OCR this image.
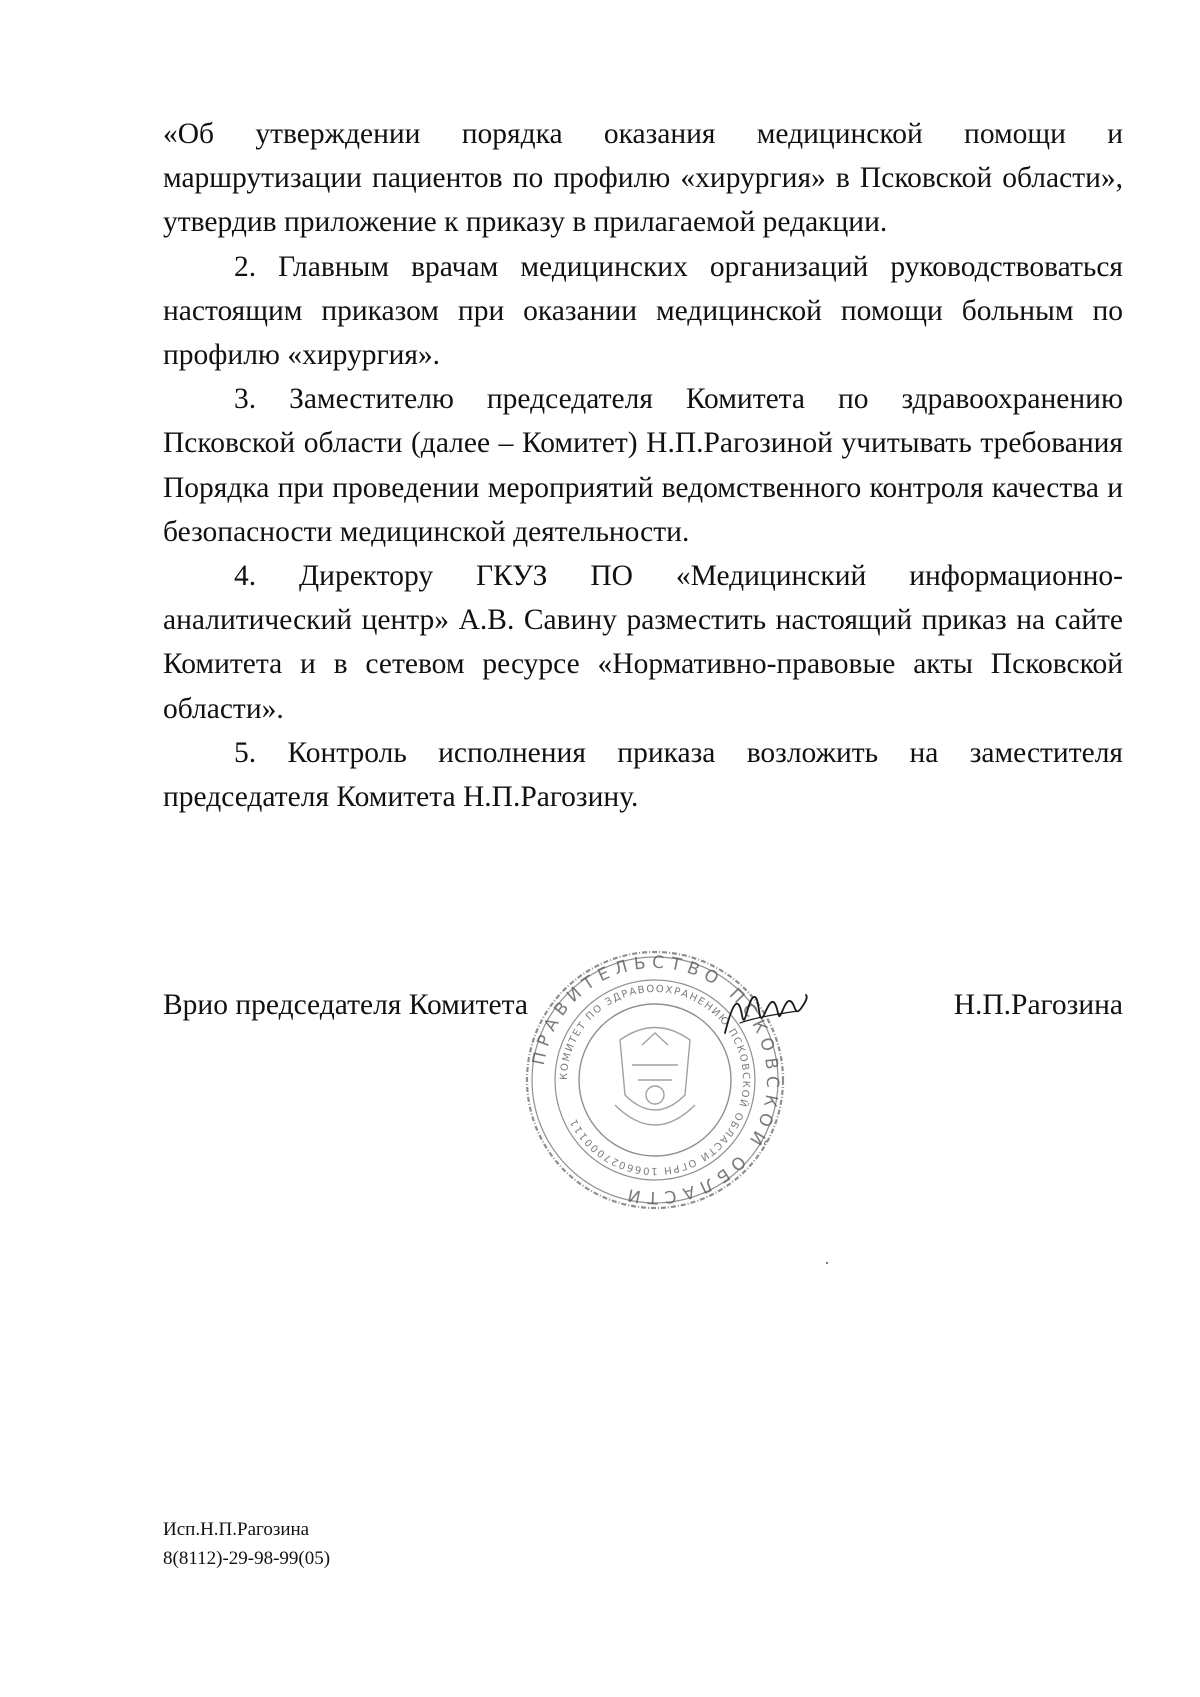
«Об утверждении порядка оказания медицинской помощи и маршрутизации пациентов по профилю «хирургия» в Псковской области», утвердив приложение к приказу в прилагаемой редакции.

2. Главным врачам медицинских организаций руководствоваться настоящим приказом при оказании медицинской помощи больным по профилю «хирургия».

3. Заместителю председателя Комитета по здравоохранению Псковской области (далее – Комитет) Н.П.Рагозиной учитывать требования Порядка при проведении мероприятий ведомственного контроля качества и безопасности медицинской деятельности.

4. Директору ГКУЗ ПО «Медицинский информационно-аналитический центр» А.В. Савину разместить настоящий приказ на сайте Комитета и в сетевом ресурсе «Нормативно-правовые акты Псковской области».

5. Контроль исполнения приказа возложить на заместителя председателя Комитета Н.П.Рагозину.

Врио председателя Комитета	Н.П.Рагозина
ПРАВИТЕЛЬСТВО ПСКОВСКОЙ ОБЛАСТИ
КОМИТЕТ ПО ЗДРАВООХРАНЕНИЮ ПСКОВСКОЙ ОБЛАСТИ ОГРН 1066027000111
Исп.Н.П.Рагозина
8(8112)-29-98-99(05)
